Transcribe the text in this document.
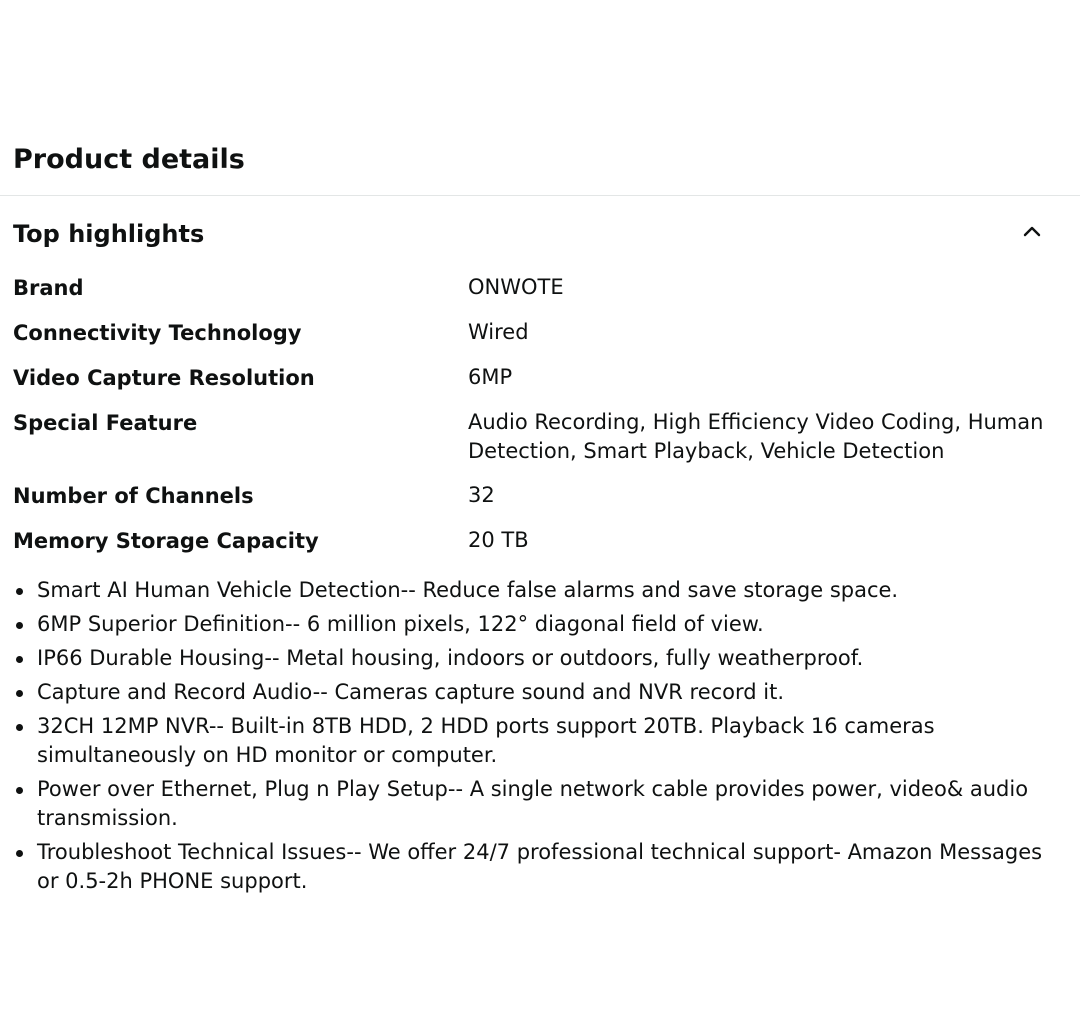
Product details
Top highlights
Brand	ONWOTE
Connectivity Technology	Wired
Video Capture Resolution	6MP
Special Feature	Audio Recording, High Efficiency Video Coding, Human Detection, Smart Playback, Vehicle Detection
Number of Channels	32
Memory Storage Capacity	20 TB
Smart AI Human Vehicle Detection-- Reduce false alarms and save storage space.
6MP Superior Definition-- 6 million pixels, 122° diagonal field of view.
IP66 Durable Housing-- Metal housing, indoors or outdoors, fully weatherproof.
Capture and Record Audio-- Cameras capture sound and NVR record it.
32CH 12MP NVR-- Built-in 8TB HDD, 2 HDD ports support 20TB. Playback 16 cameras simultaneously on HD monitor or computer.
Power over Ethernet, Plug n Play Setup-- A single network cable provides power, video& audio transmission.
Troubleshoot Technical Issues-- We offer 24/7 professional technical support- Amazon Messages or 0.5-2h PHONE support.
